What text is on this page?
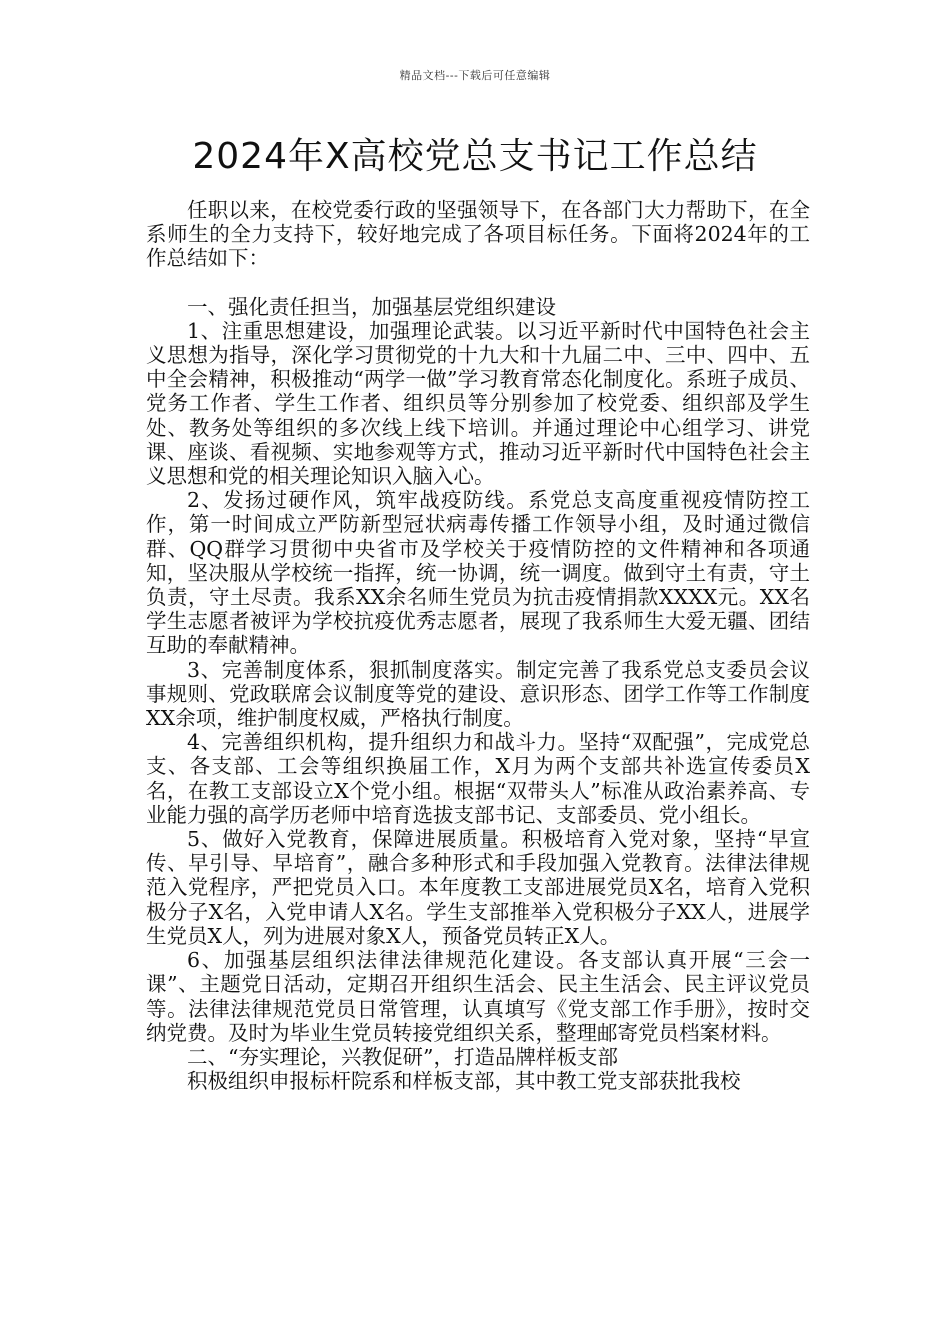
精品文档---下载后可任意编辑
2024年X高校党总支书记工作总结

任职以来，在校党委行政的坚强领导下，在各部门大力帮助下，在全系师生的全力支持下，较好地完成了各项目标任务。下面将2024年的工作总结如下：

一、强化责任担当，加强基层党组织建设

1、注重思想建设，加强理论武装。以习近平新时代中国特色社会主义思想为指导，深化学习贯彻党的十九大和十九届二中、三中、四中、五中全会精神，积极推动“两学一做”学习教育常态化制度化。系班子成员、党务工作者、学生工作者、组织员等分别参加了校党委、组织部及学生处、教务处等组织的多次线上线下培训。并通过理论中心组学习、讲党课、座谈、看视频、实地参观等方式，推动习近平新时代中国特色社会主义思想和党的相关理论知识入脑入心。

2、发扬过硬作风，筑牢战疫防线。系党总支高度重视疫情防控工作，第一时间成立严防新型冠状病毒传播工作领导小组，及时通过微信群、QQ群学习贯彻中央省市及学校关于疫情防控的文件精神和各项通知，坚决服从学校统一指挥，统一协调，统一调度。做到守土有责，守土负责，守土尽责。我系XX余名师生党员为抗击疫情捐款XXXX元。XX名学生志愿者被评为学校抗疫优秀志愿者，展现了我系师生大爱无疆、团结互助的奉献精神。

3、完善制度体系，狠抓制度落实。制定完善了我系党总支委员会议事规则、党政联席会议制度等党的建设、意识形态、团学工作等工作制度XX余项，维护制度权威，严格执行制度。

4、完善组织机构，提升组织力和战斗力。坚持“双配强”，完成党总支、各支部、工会等组织换届工作，X月为两个支部共补选宣传委员X名，在教工支部设立X个党小组。根据“双带头人”标准从政治素养高、专业能力强的高学历老师中培育选拔支部书记、支部委员、党小组长。

5、做好入党教育，保障进展质量。积极培育入党对象，坚持“早宣传、早引导、早培育”，融合多种形式和手段加强入党教育。法律法律规范入党程序，严把党员入口。本年度教工支部进展党员X名，培育入党积极分子X名，入党申请人X名。学生支部推举入党积极分子XX人，进展学生党员X人，列为进展对象X人，预备党员转正X人。

6、加强基层组织法律法律规范化建设。各支部认真开展“三会一课”、主题党日活动，定期召开组织生活会、民主生活会、民主评议党员等。法律法律规范党员日常管理，认真填写《党支部工作手册》，按时交纳党费。及时为毕业生党员转接党组织关系，整理邮寄党员档案材料。

二、“夯实理论，兴教促研”，打造品牌样板支部

积极组织申报标杆院系和样板支部，其中教工党支部获批我校
